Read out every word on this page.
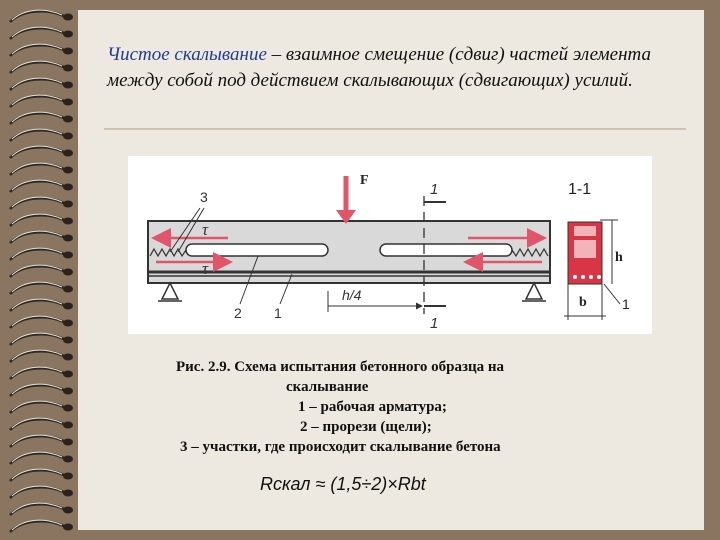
Чистое скалывание – взаимное смещение (сдвиг) частей элемента между собой под действием скалывающих (сдвигающих) усилий.
τ
τ
F
1
1
h/4
3
2 1
1-1
h
b	1
Рис. 2.9. Схема испытания бетонного образца на
скалывание
1 – рабочая арматура;
2 – прорези (щели);
3 – участки, где происходит скалывание бетона
Rcкал ≈ (1,5÷2)×Rbt
